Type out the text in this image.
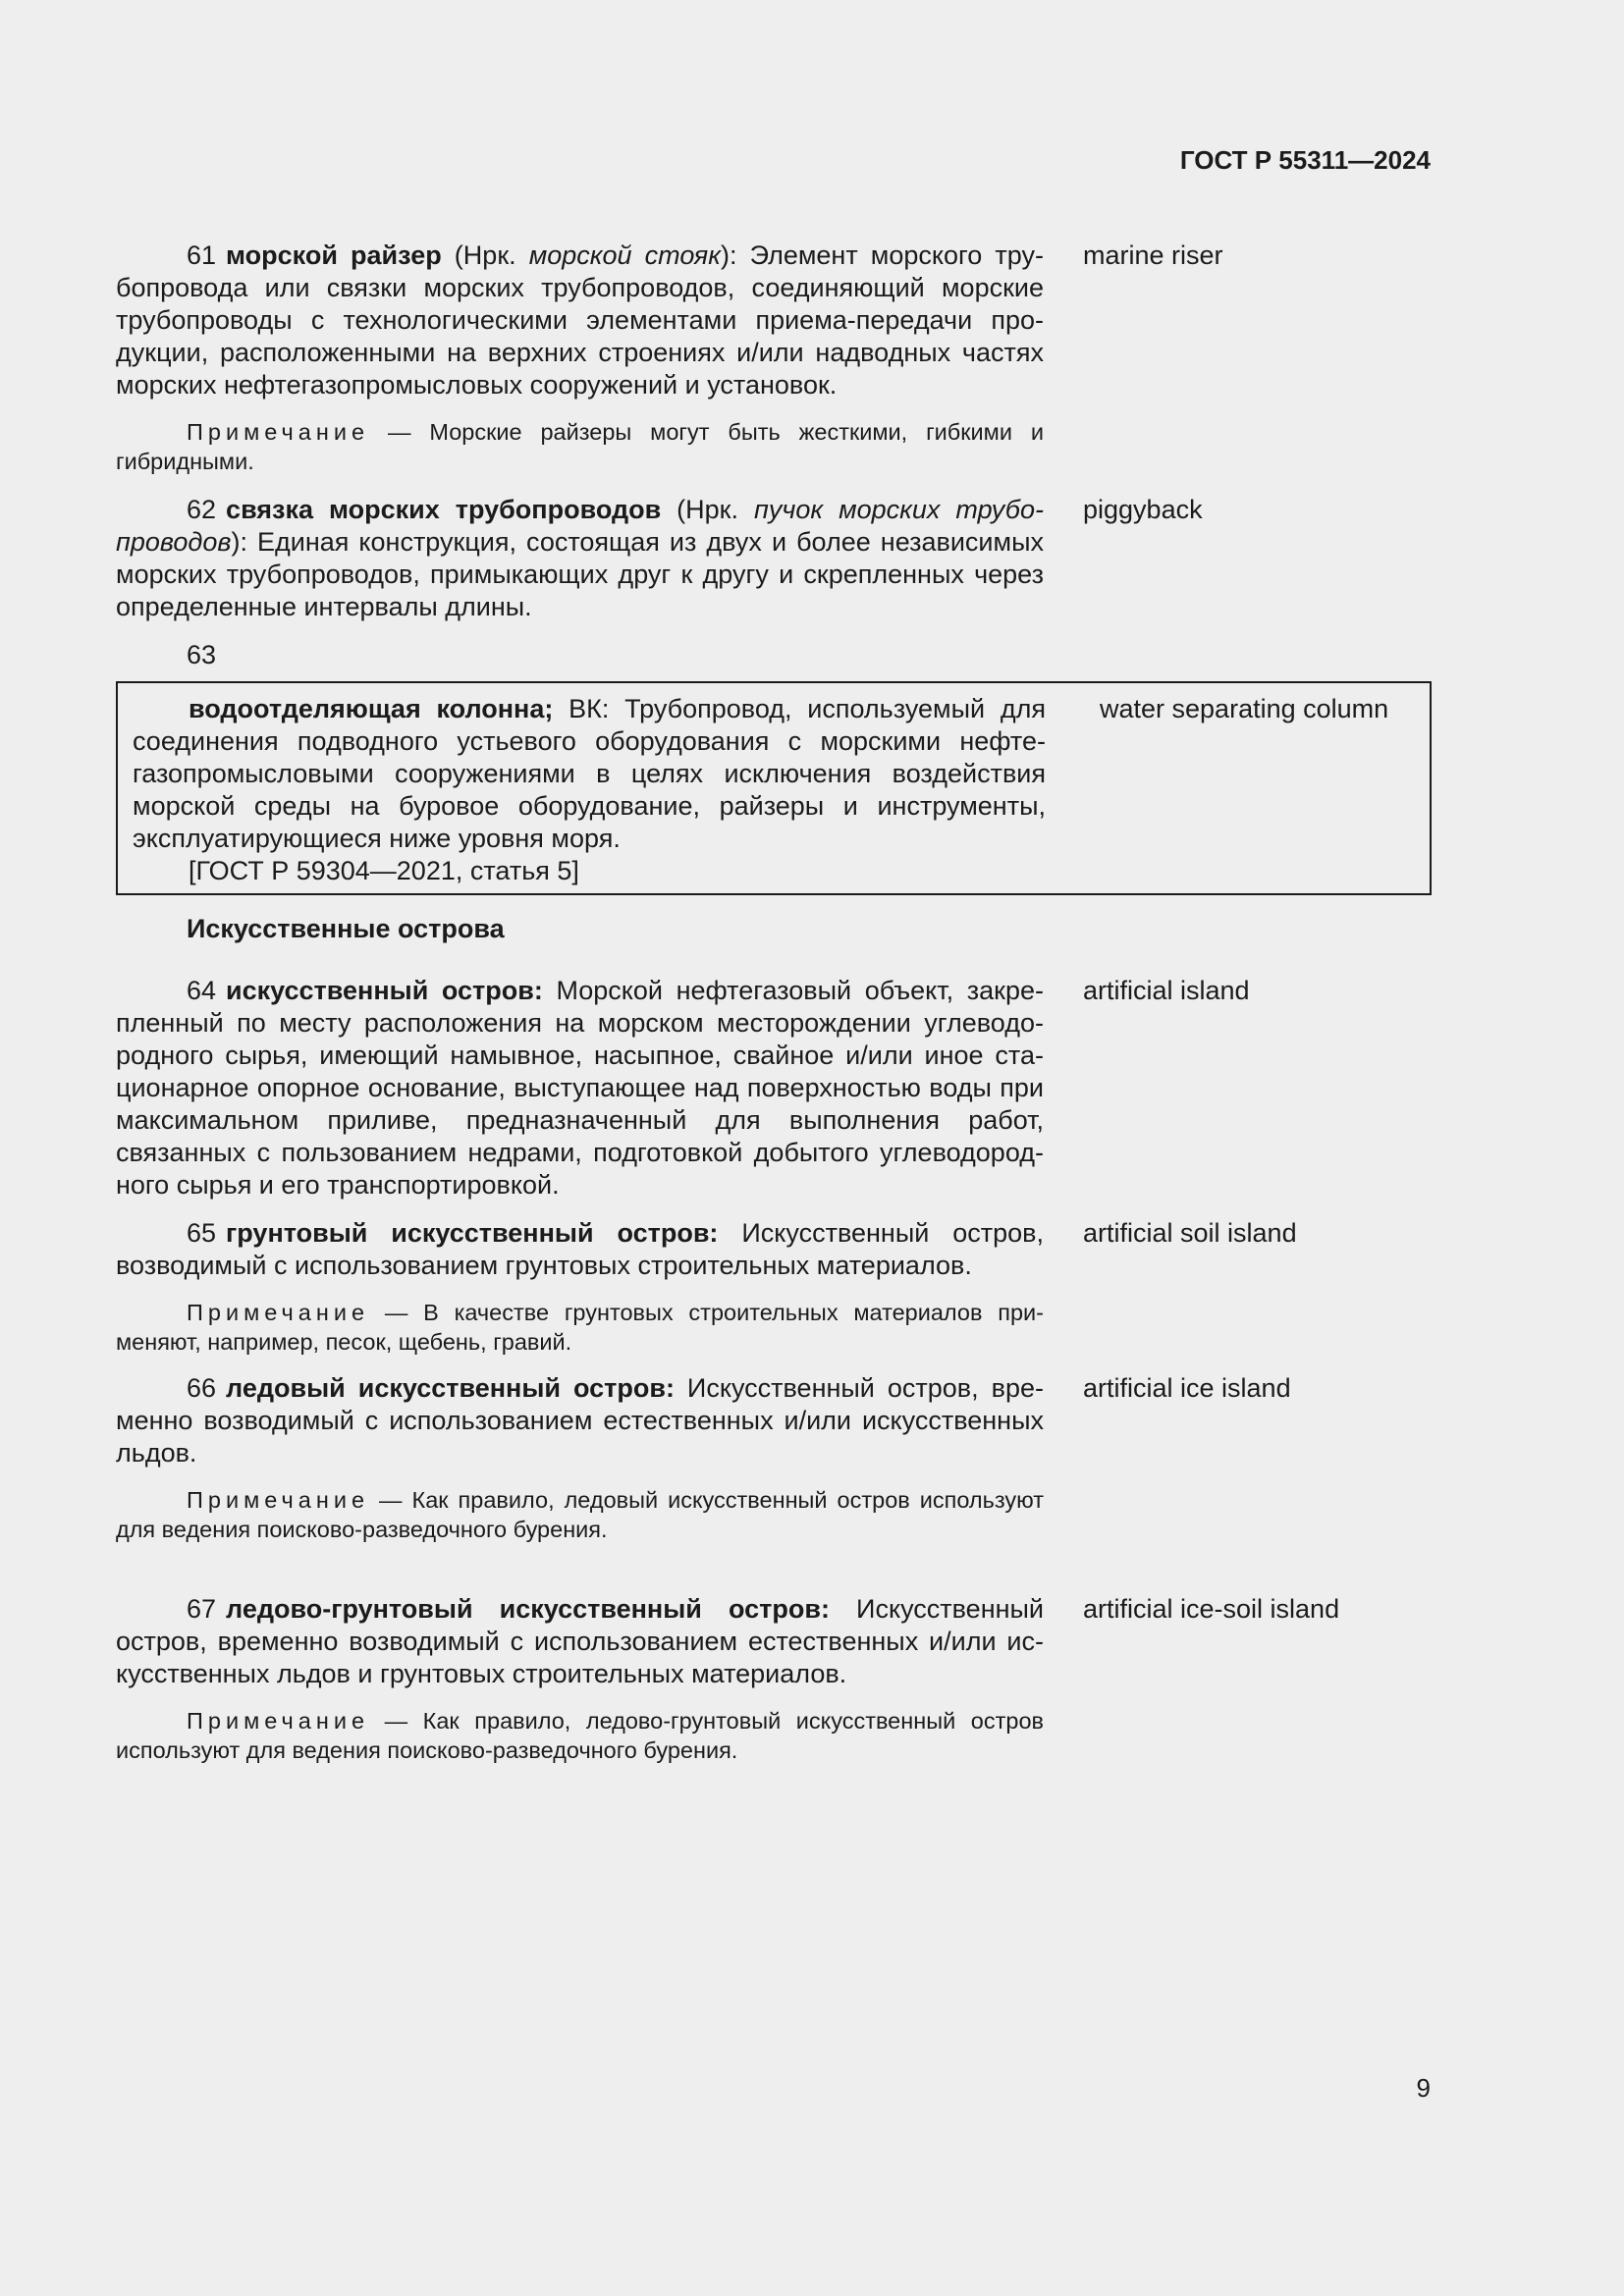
ГОСТ Р 55311—2024
61 морской райзер (Нрк. морской стояк): Элемент морского трубопровода или связки морских трубопроводов, соединяющий морские трубопроводы с технологическими элементами приема-передачи продукции, расположенными на верхних строениях и/или надводных частях морских нефтегазопромысловых сооружений и установок.
marine riser
Примечание — Морские райзеры могут быть жесткими, гибкими и гибридными.
62 связка морских трубопроводов (Нрк. пучок морских трубопроводов): Единая конструкция, состоящая из двух и более независимых морских трубопроводов, примыкающих друг к другу и скрепленных через определенные интервалы длины.
piggyback
63
водоотделяющая колонна; ВК: Трубопровод, используемый для соединения подводного устьевого оборудования с морскими нефтегазопромысловыми сооружениями в целях исключения воздействия морской среды на буровое оборудование, райзеры и инструменты, эксплуатирующиеся ниже уровня моря.
[ГОСТ Р 59304—2021, статья 5]
water separating column
Искусственные острова
64 искусственный остров: Морской нефтегазовый объект, закрепленный по месту расположения на морском месторождении углеводородного сырья, имеющий намывное, насыпное, свайное и/или иное стационарное опорное основание, выступающее над поверхностью воды при максимальном приливе, предназначенный для выполнения работ, связанных с пользованием недрами, подготовкой добытого углеводородного сырья и его транспортировкой.
artificial island
65 грунтовый искусственный остров: Искусственный остров, возводимый с использованием грунтовых строительных материалов.
artificial soil island
Примечание — В качестве грунтовых строительных материалов применяют, например, песок, щебень, гравий.
66 ледовый искусственный остров: Искусственный остров, временно возводимый с использованием естественных и/или искусственных льдов.
artificial ice island
Примечание — Как правило, ледовый искусственный остров используют для ведения поисково-разведочного бурения.
67 ледово-грунтовый искусственный остров: Искусственный остров, временно возводимый с использованием естественных и/или искусственных льдов и грунтовых строительных материалов.
artificial ice-soil island
Примечание — Как правило, ледово-грунтовый искусственный остров используют для ведения поисково-разведочного бурения.
9
